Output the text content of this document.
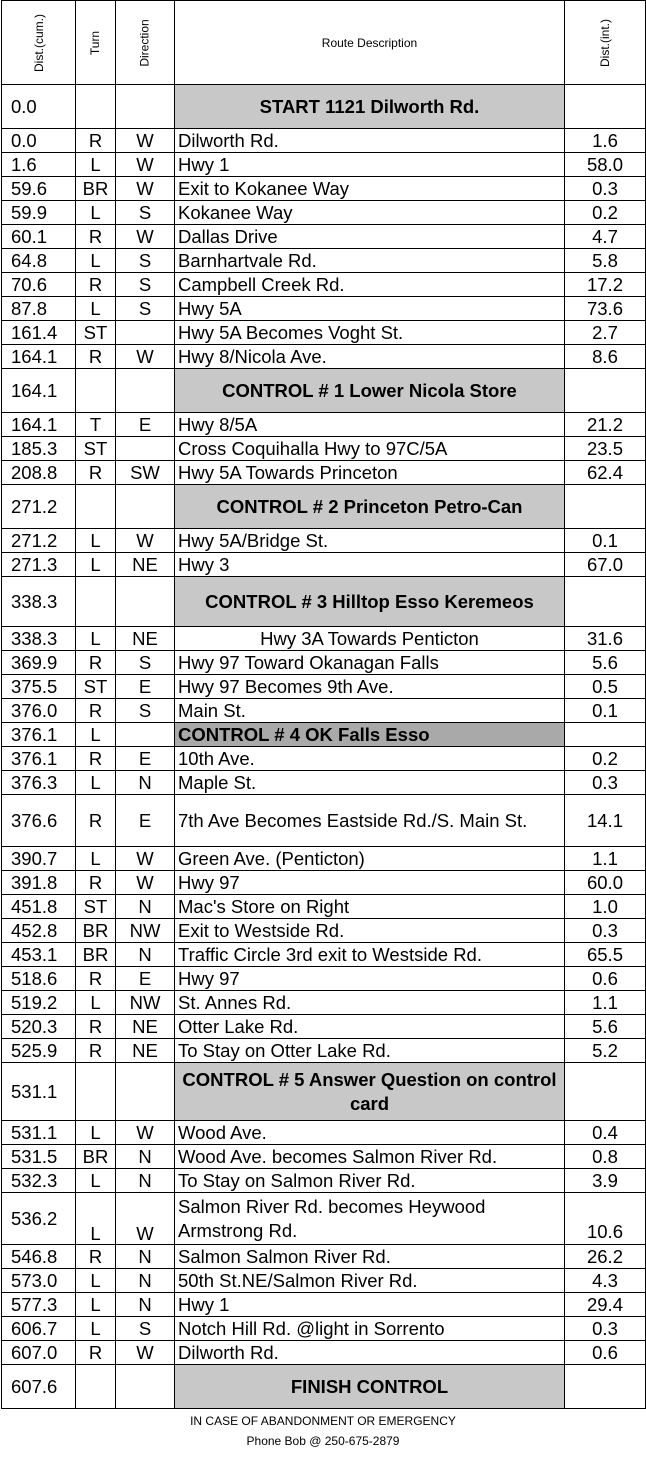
Dist.(cum.)	Turn	Direction	Route Description	Dist.(int.)
0.0			START 1121 Dilworth Rd.	
0.0	R	W	Dilworth Rd.	1.6
1.6	L	W	Hwy 1	58.0
59.6	BR	W	Exit to Kokanee Way	0.3
59.9	L	S	Kokanee Way	0.2
60.1	R	W	Dallas Drive	4.7
64.8	L	S	Barnhartvale Rd.	5.8
70.6	R	S	Campbell Creek Rd.	17.2
87.8	L	S	Hwy 5A	73.6
161.4	ST		Hwy 5A Becomes Voght St.	2.7
164.1	R	W	Hwy 8/Nicola Ave.	8.6
164.1			CONTROL # 1 Lower Nicola Store	
164.1	T	E	Hwy 8/5A	21.2
185.3	ST		Cross Coquihalla Hwy to 97C/5A	23.5
208.8	R	SW	Hwy 5A Towards Princeton	62.4
271.2			CONTROL # 2 Princeton Petro-Can	
271.2	L	W	Hwy 5A/Bridge St.	0.1
271.3	L	NE	Hwy 3	67.0
338.3			CONTROL # 3 Hilltop Esso Keremeos	
338.3	L	NE	Hwy 3A Towards Penticton	31.6
369.9	R	S	Hwy 97 Toward Okanagan Falls	5.6
375.5	ST	E	Hwy 97 Becomes 9th Ave.	0.5
376.0	R	S	Main St.	0.1
376.1	L		CONTROL # 4 OK Falls Esso	
376.1	R	E	10th Ave.	0.2
376.3	L	N	Maple St.	0.3
376.6	R	E	7th Ave Becomes Eastside Rd./S. Main St.	14.1
390.7	L	W	Green Ave. (Penticton)	1.1
391.8	R	W	Hwy 97	60.0
451.8	ST	N	Mac's Store on Right	1.0
452.8	BR	NW	Exit to Westside Rd.	0.3
453.1	BR	N	Traffic Circle 3rd exit to Westside Rd.	65.5
518.6	R	E	Hwy 97	0.6
519.2	L	NW	St. Annes Rd.	1.1
520.3	R	NE	Otter Lake Rd.	5.6
525.9	R	NE	To Stay on Otter Lake Rd.	5.2
531.1			CONTROL # 5 Answer Question on control card	
531.1	L	W	Wood Ave.	0.4
531.5	BR	N	Wood Ave. becomes Salmon River Rd.	0.8
532.3	L	N	To Stay on Salmon River Rd.	3.9
536.2	L	W	Salmon River Rd. becomes Heywood Armstrong Rd.	10.6
546.8	R	N	Salmon Salmon River Rd.	26.2
573.0	L	N	50th St.NE/Salmon River Rd.	4.3
577.3	L	N	Hwy 1	29.4
606.7	L	S	Notch Hill Rd. @light in Sorrento	0.3
607.0	R	W	Dilworth Rd.	0.6
607.6			FINISH CONTROL	
IN CASE OF ABANDONMENT OR EMERGENCY
Phone Bob @ 250-675-2879
